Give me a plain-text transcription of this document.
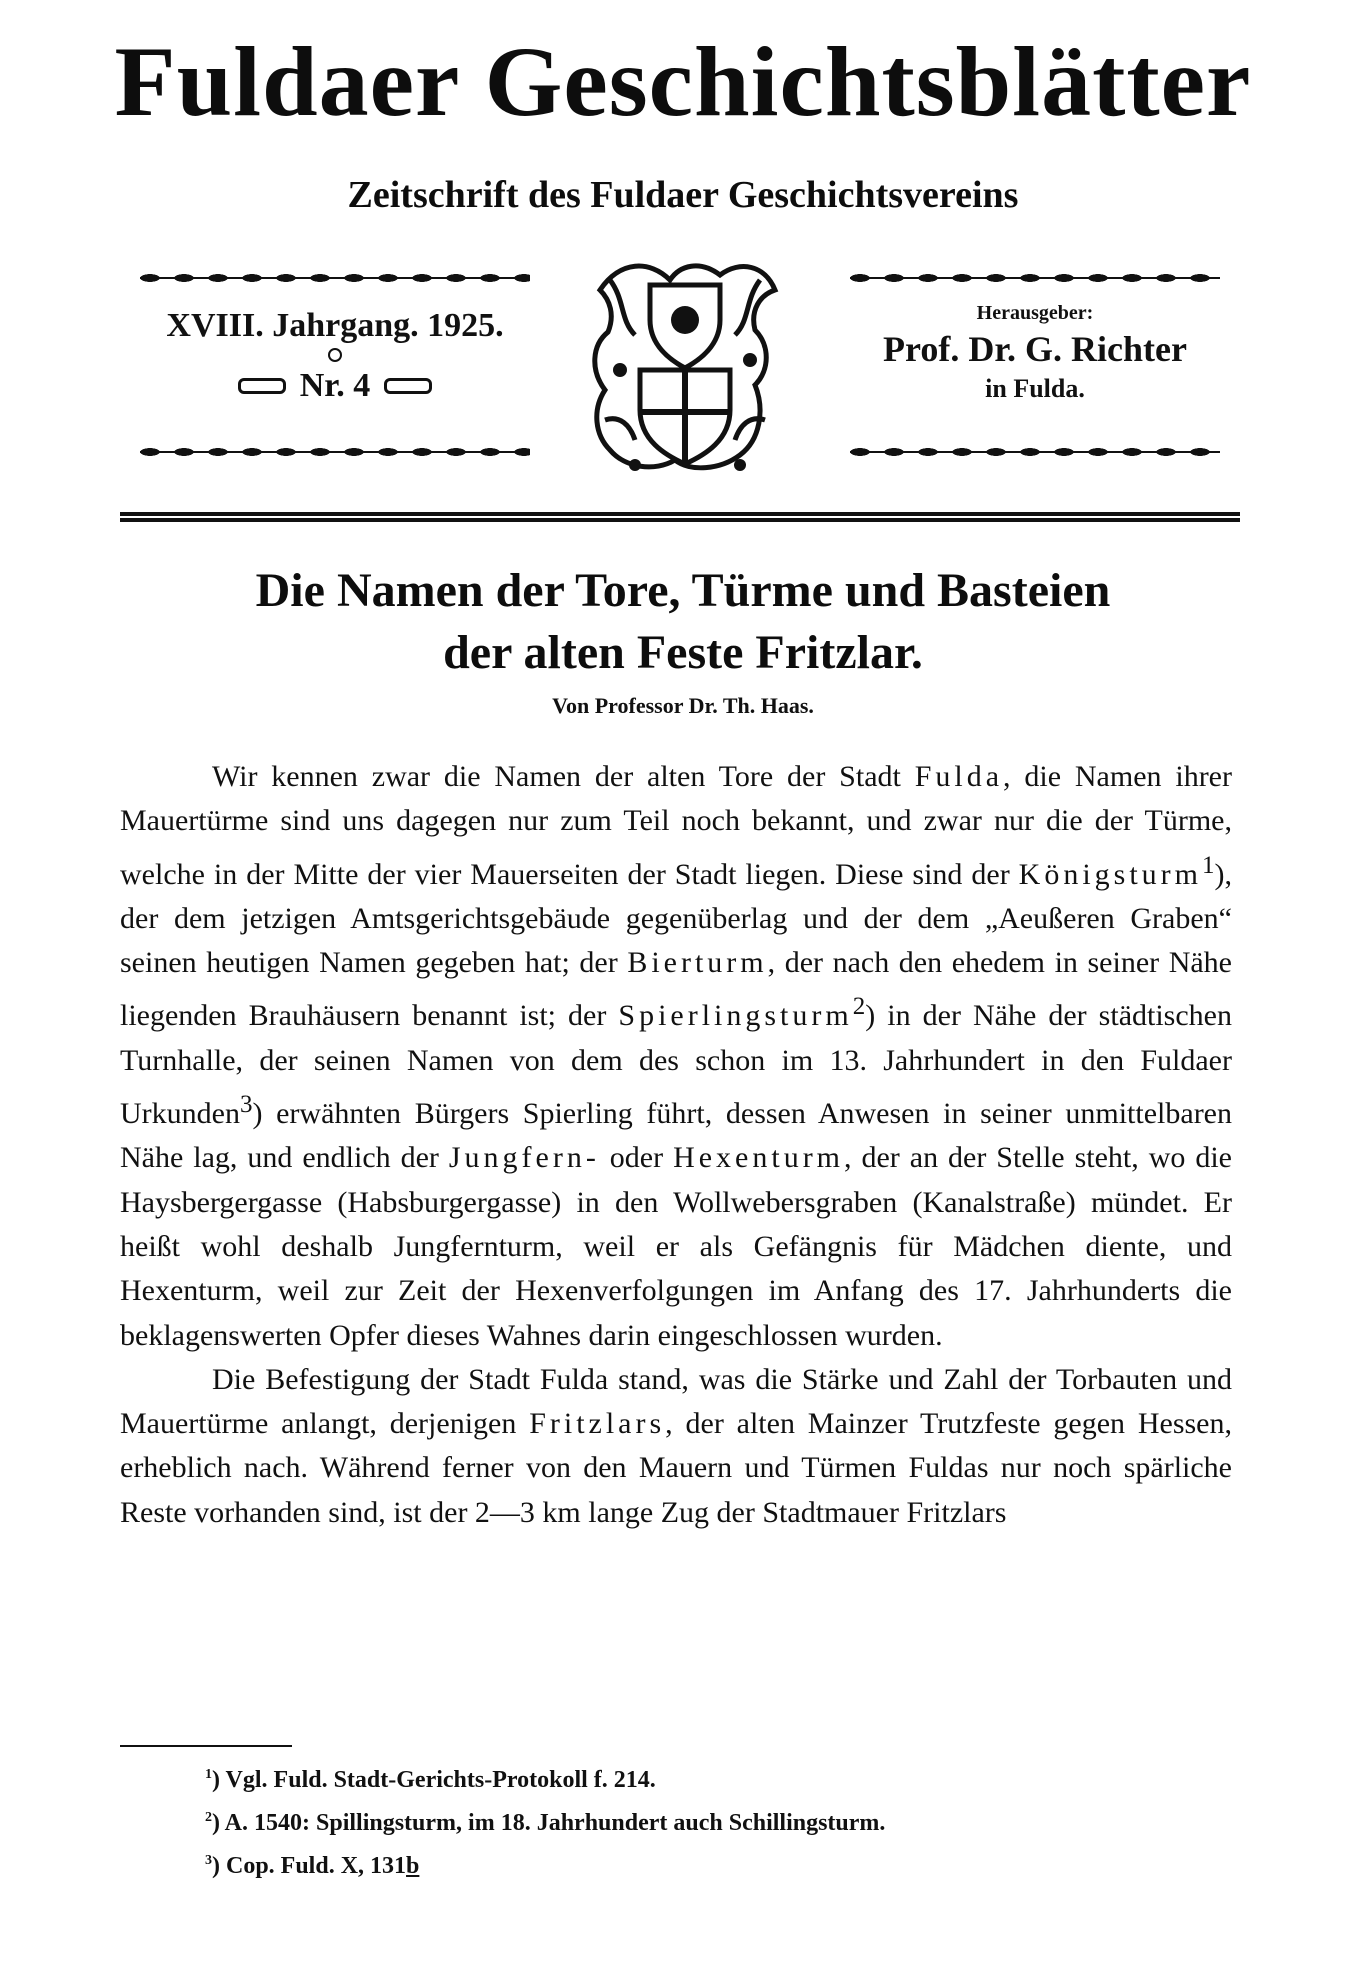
Fuldaer Geschichtsblätter
Zeitschrift des Fuldaer Geschichtsvereins

XVIII. Jahrgang. 1925.

Nr. 4

Herausgeber:

Prof. Dr. G. Richter

in Fulda.

Die Namen der Tore, Türme und Basteien
der alten Feste Fritzlar.

Von Professor Dr. Th. Haas.

Wir kennen zwar die Namen der alten Tore der Stadt Fulda, die Namen ihrer Mauertürme sind uns dagegen nur zum Teil noch bekannt, und zwar nur die der Türme, welche in der Mitte der vier Mauerseiten der Stadt liegen. Diese sind der Königsturm$^1$), der dem jetzigen Amtsgerichtsgebäude gegenüberlag und der dem „Aeußeren Graben“ seinen heutigen Namen gegeben hat; der Bierturm, der nach den ehedem in seiner Nähe liegenden Brauhäusern benannt ist; der Spierlingsturm$^2$) in der Nähe der städtischen Turnhalle, der seinen Namen von dem des schon im 13. Jahrhundert in den Fuldaer Urkunden$^3$) erwähnten Bürgers Spierling führt, dessen Anwesen in seiner unmittelbaren Nähe lag, und endlich der Jungfern- oder Hexenturm, der an der Stelle steht, wo die Haysbergergasse (Habsburgergasse) in den Wollwebersgraben (Kanalstraße) mündet. Er heißt wohl deshalb Jungfernturm, weil er als Gefängnis für Mädchen diente, und Hexenturm, weil zur Zeit der Hexenverfolgungen im Anfang des 17. Jahrhunderts die beklagenswerten Opfer dieses Wahnes darin eingeschlossen wurden.

Die Befestigung der Stadt Fulda stand, was die Stärke und Zahl der Torbauten und Mauertürme anlangt, derjenigen Fritzlars, der alten Mainzer Trutzfeste gegen Hessen, erheblich nach. Während ferner von den Mauern und Türmen Fuldas nur noch spärliche Reste vorhanden sind, ist der 2—3 km lange Zug der Stadtmauer Fritzlars

$^1$) Vgl. Fuld. Stadt-Gerichts-Protokoll f. 214.

$^2$) A. 1540: Spillingsturm, im 18. Jahrhundert auch Schillingsturm.

$^3$) Cop. Fuld. X, 131b
